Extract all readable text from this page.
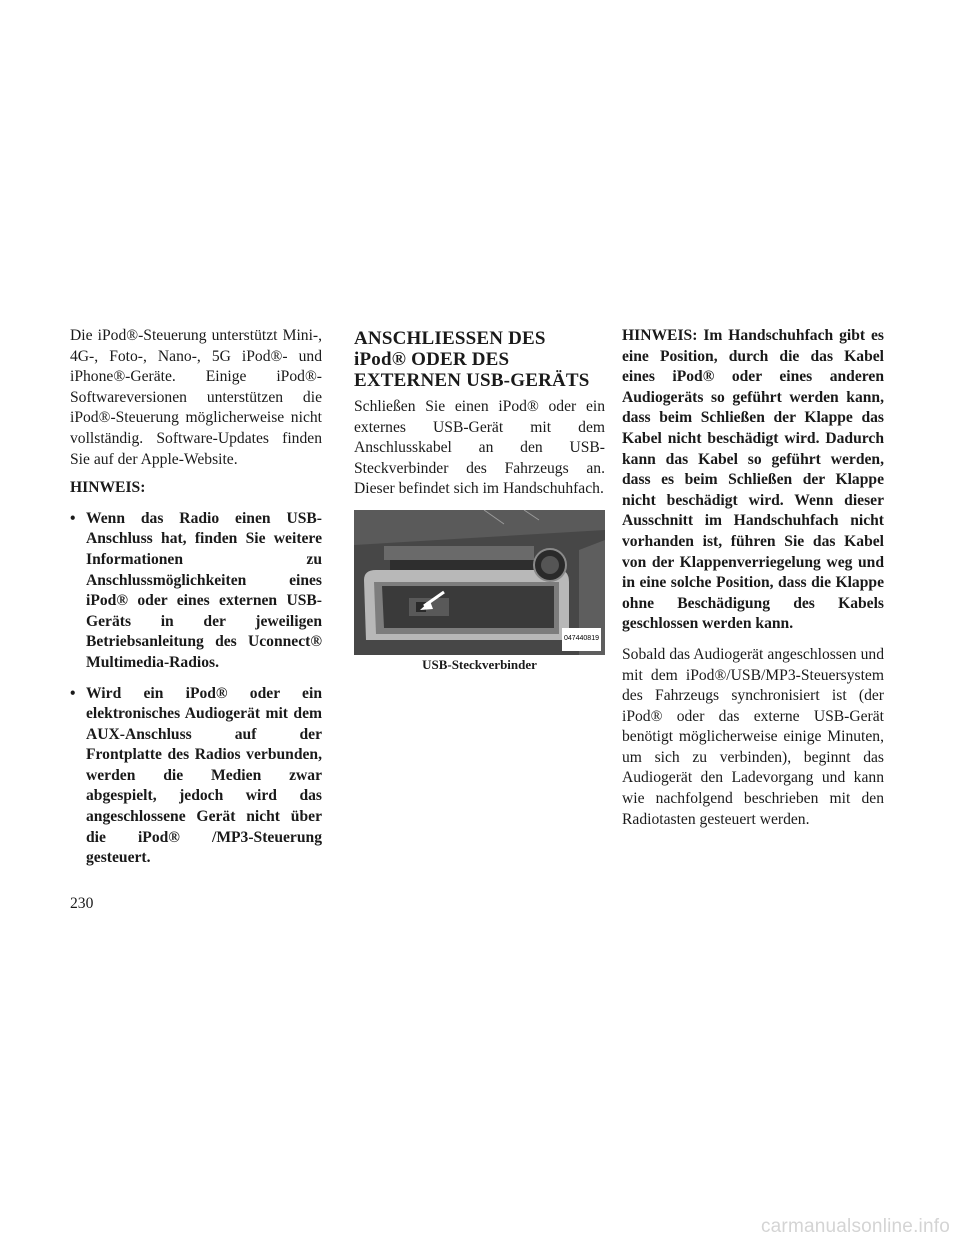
Die iPod®-Steuerung unterstützt Mini-, 4G-, Foto-, Nano-, 5G iPod®- und iPhone®-Geräte. Einige iPod®-Softwareversionen unterstützen die iPod®-Steuerung möglicherweise nicht vollständig. Software-Updates finden Sie auf der Apple-Website.

HINWEIS:

• Wenn das Radio einen USB-Anschluss hat, finden Sie weitere Informationen zu Anschlussmöglichkeiten eines iPod® oder eines externen USB-Geräts in der jeweiligen Betriebsanleitung des Uconnect® Multimedia-Radios.
• Wird ein iPod® oder ein elektronisches Audiogerät mit dem AUX-Anschluss auf der Frontplatte des Radios verbunden, werden die Medien zwar abgespielt, jedoch wird das angeschlossene Gerät nicht über die iPod® /MP3-Steuerung gesteuert.
ANSCHLIESSEN DES
iPod® ODER DES
EXTERNEN USB-GERÄTS

Schließen Sie einen iPod® oder ein externes USB-Gerät mit dem Anschlusskabel an den USB-Steckverbinder des Fahrzeugs an. Dieser befindet sich im Handschuhfach.

047440819

USB-Steckverbinder

HINWEIS: Im Handschuhfach gibt es eine Position, durch die das Kabel eines iPod® oder eines anderen Audiogeräts so geführt werden kann, dass beim Schließen der Klappe das Kabel nicht beschädigt wird. Dadurch kann das Kabel so geführt werden, dass es beim Schließen der Klappe nicht beschädigt wird. Wenn dieser Ausschnitt im Handschuhfach nicht vorhanden ist, führen Sie das Kabel von der Klappenverriegelung weg und in eine solche Position, dass die Klappe ohne Beschädigung des Kabels geschlossen werden kann.

Sobald das Audiogerät angeschlossen und mit dem iPod®/USB/MP3-Steuersystem des Fahrzeugs synchronisiert ist (der iPod® oder das externe USB-Gerät benötigt möglicherweise einige Minuten, um sich zu verbinden), beginnt das Audiogerät den Ladevorgang und kann wie nachfolgend beschrieben mit den Radiotasten gesteuert werden.

230
carmanualsonline.info
